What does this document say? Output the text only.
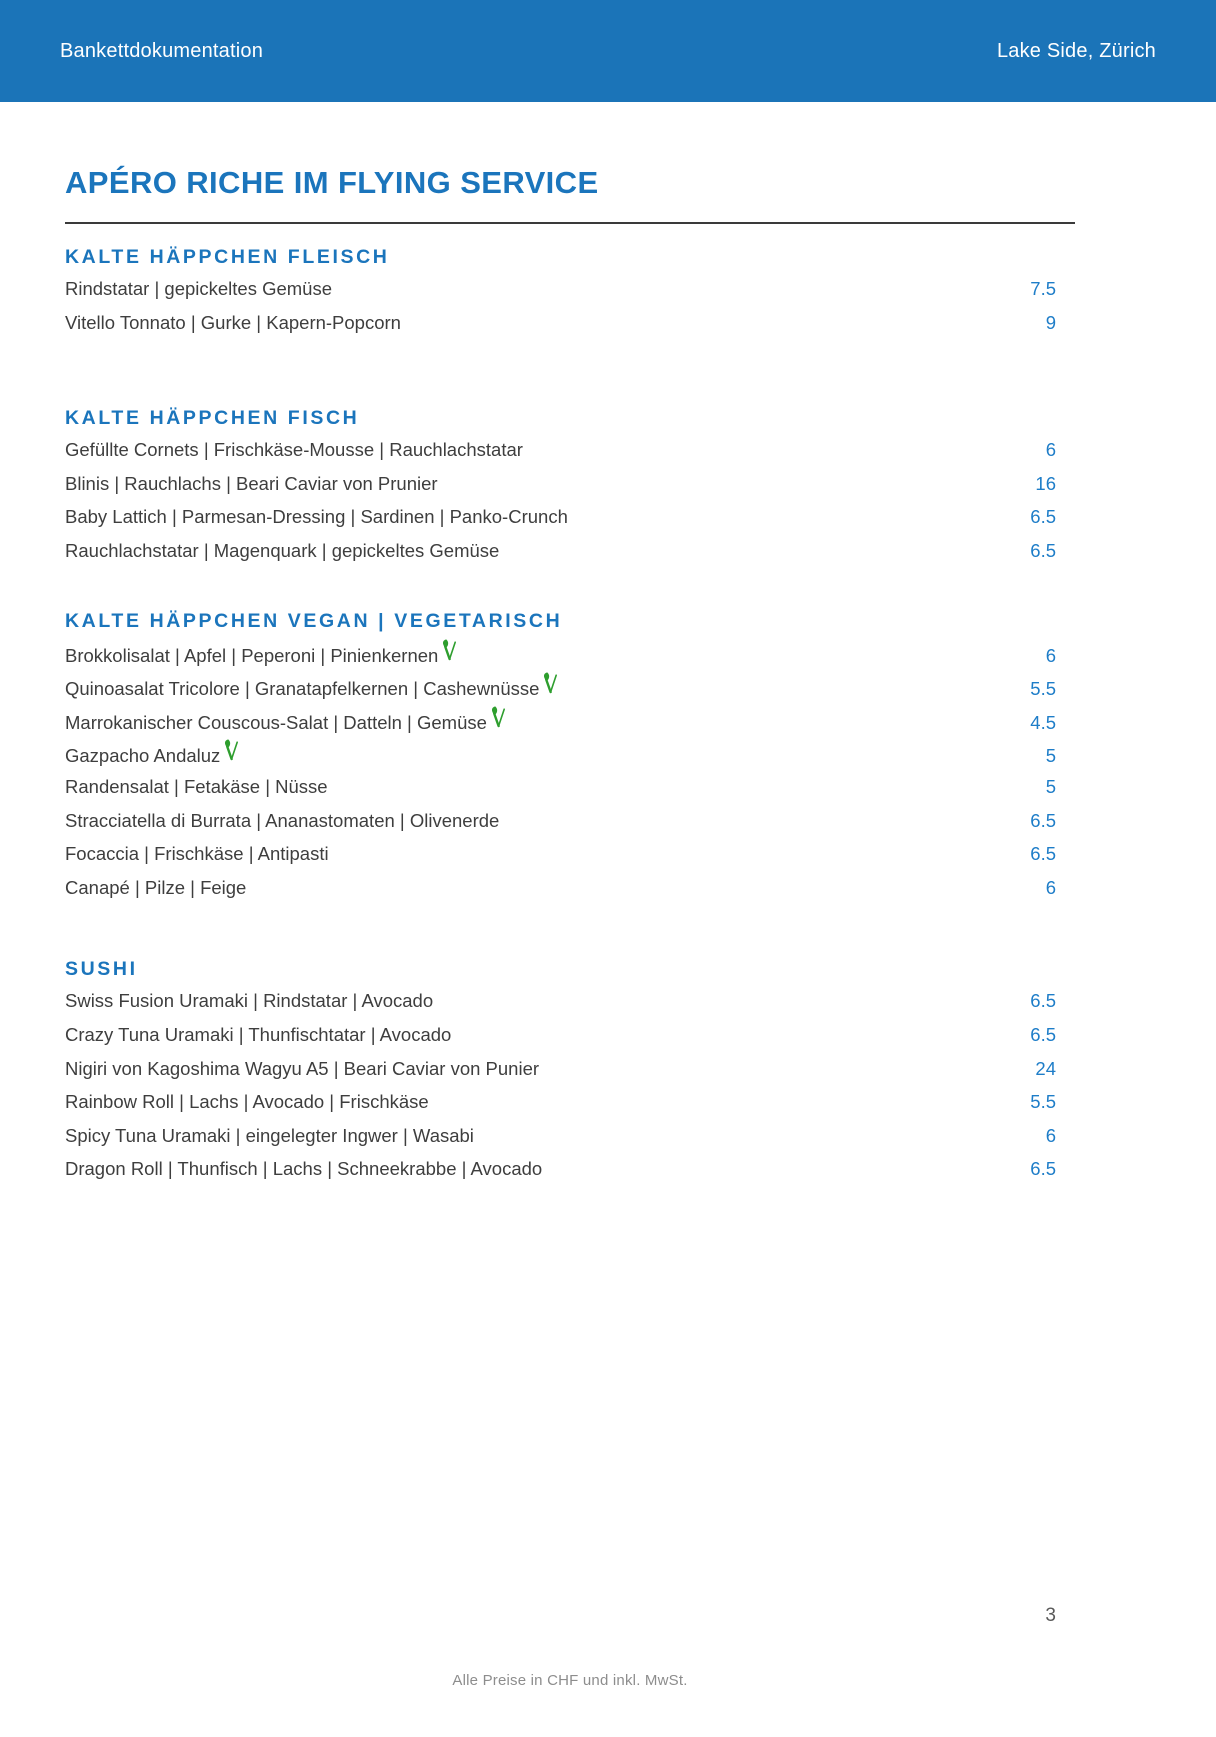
Bankettdokumentation	Lake Side, Zürich
APÉRO RICHE IM FLYING SERVICE
KALTE HÄPPCHEN FLEISCH
Rindstatar | gepickeltes Gemüse	7.5
Vitello Tonnato | Gurke | Kapern-Popcorn	9
KALTE HÄPPCHEN FISCH
Gefüllte Cornets | Frischkäse-Mousse | Rauchlachstatar	6
Blinis | Rauchlachs | Beari Caviar von Prunier	16
Baby Lattich | Parmesan-Dressing | Sardinen | Panko-Crunch	6.5
Rauchlachstatar | Magenquark | gepickeltes Gemüse	6.5
KALTE HÄPPCHEN VEGAN | VEGETARISCH
Brokkolisalat | Apfel | Peperoni | Pinienkernen	6
Quinoasalat Tricolore | Granatapfelkernen | Cashewnüsse	5.5
Marrokanischer Couscous-Salat | Datteln | Gemüse	4.5
Gazpacho Andaluz	5
Randensalat | Fetakäse | Nüsse	5
Stracciatella di Burrata | Ananastomaten | Olivenerde	6.5
Focaccia | Frischkäse | Antipasti	6.5
Canapé | Pilze | Feige	6
SUSHI
Swiss Fusion Uramaki | Rindstatar | Avocado	6.5
Crazy Tuna Uramaki | Thunfischtatar | Avocado	6.5
Nigiri von Kagoshima Wagyu A5 | Beari Caviar von Punier	24
Rainbow Roll | Lachs | Avocado | Frischkäse	5.5
Spicy Tuna Uramaki | eingelegter Ingwer | Wasabi	6
Dragon Roll | Thunfisch | Lachs | Schneekrabbe | Avocado	6.5
3
Alle Preise in CHF und inkl. MwSt.
